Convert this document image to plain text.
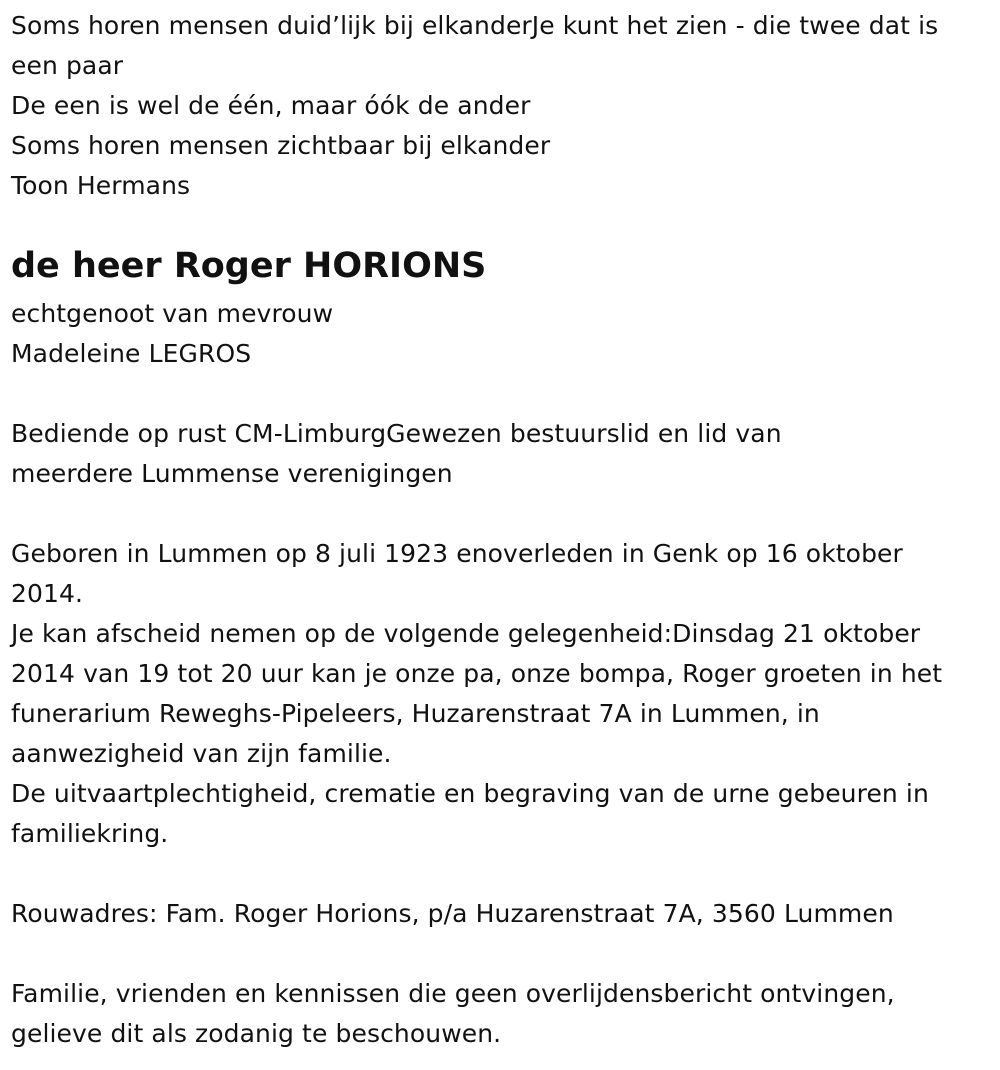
Soms horen mensen duid’lijk bij elkanderJe kunt het zien - die twee dat is
een paar
De een is wel de één, maar óók de ander
Soms horen mensen zichtbaar bij elkander
Toon Hermans
de heer Roger HORIONS
echtgenoot van mevrouw
Madeleine LEGROS
Bediende op rust CM-LimburgGewezen bestuurslid en lid van
meerdere Lummense verenigingen
Geboren in Lummen op 8 juli 1923 enoverleden in Genk op 16 oktober
2014.
Je kan afscheid nemen op de volgende gelegenheid:Dinsdag 21 oktober
2014 van 19 tot 20 uur kan je onze pa, onze bompa, Roger groeten in het
funerarium Reweghs-Pipeleers, Huzarenstraat 7A in Lummen, in
aanwezigheid van zijn familie.
De uitvaartplechtigheid, crematie en begraving van de urne gebeuren in
familiekring.
Rouwadres: Fam. Roger Horions, p/a Huzarenstraat 7A, 3560 Lummen
Familie, vrienden en kennissen die geen overlijdensbericht ontvingen,
gelieve dit als zodanig te beschouwen.
